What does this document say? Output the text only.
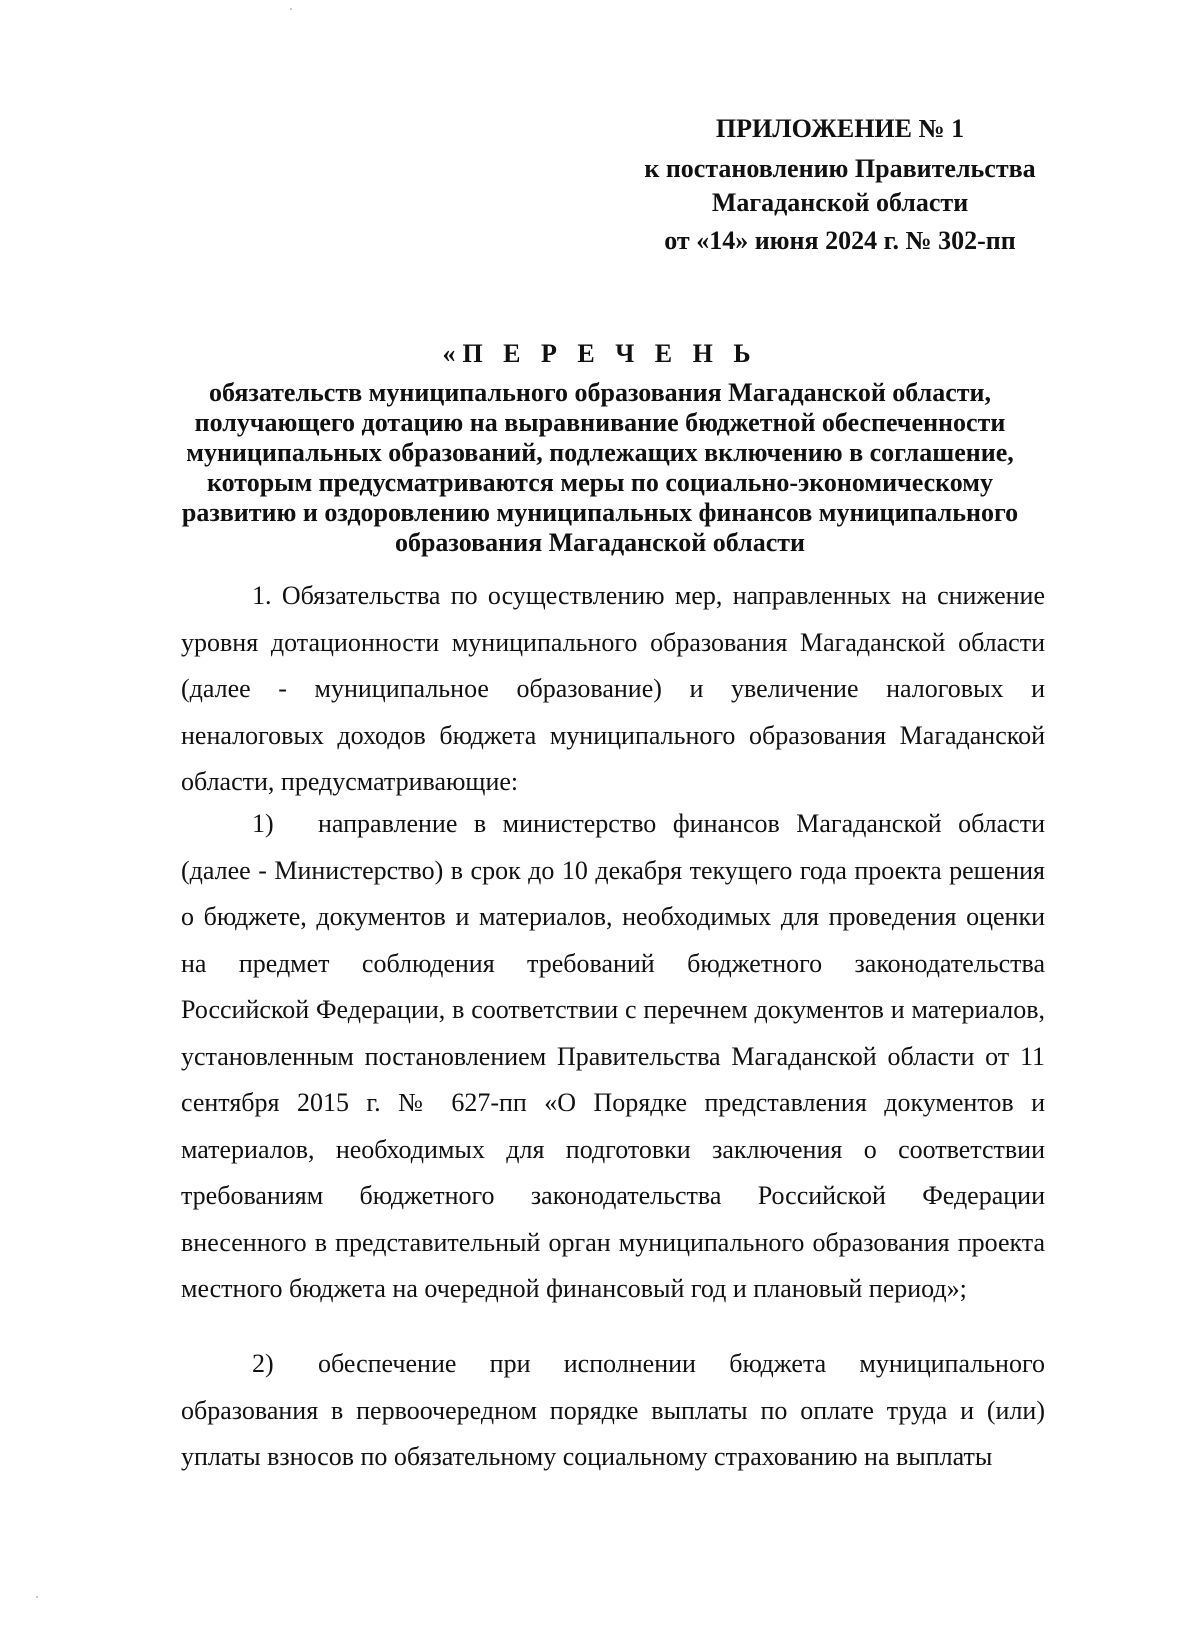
ПРИЛОЖЕНИЕ № 1
к постановлению Правительства Магаданской области
от «14» июня 2024 г. № 302-пп
«П Е Р Е Ч Е Н Ь
обязательств муниципального образования Магаданской области, получающего дотацию на выравнивание бюджетной обеспеченности муниципальных образований, подлежащих включению в соглашение, которым предусматриваются меры по социально-экономическому развитию и оздоровлению муниципальных финансов муниципального образования Магаданской области
1. Обязательства по осуществлению мер, направленных на снижение уровня дотационности муниципального образования Магаданской области (далее - муниципальное образование) и увеличение налоговых и неналоговых доходов бюджета муниципального образования Магаданской области, предусматривающие:
1) направление в министерство финансов Магаданской области (далее - Министерство) в срок до 10 декабря текущего года проекта решения о бюджете, документов и материалов, необходимых для проведения оценки на предмет соблюдения требований бюджетного законодательства Российской Федерации, в соответствии с перечнем документов и материалов, установленным постановлением Правительства Магаданской области от 11 сентября 2015 г. № 627-пп «О Порядке представления документов и материалов, необходимых для подготовки заключения о соответствии требованиям бюджетного законодательства Российской Федерации внесенного в представительный орган муниципального образования проекта местного бюджета на очередной финансовый год и плановый период»;
2) обеспечение при исполнении бюджета муниципального образования в первоочередном порядке выплаты по оплате труда и (или) уплаты взносов по обязательному социальному страхованию на выплаты
